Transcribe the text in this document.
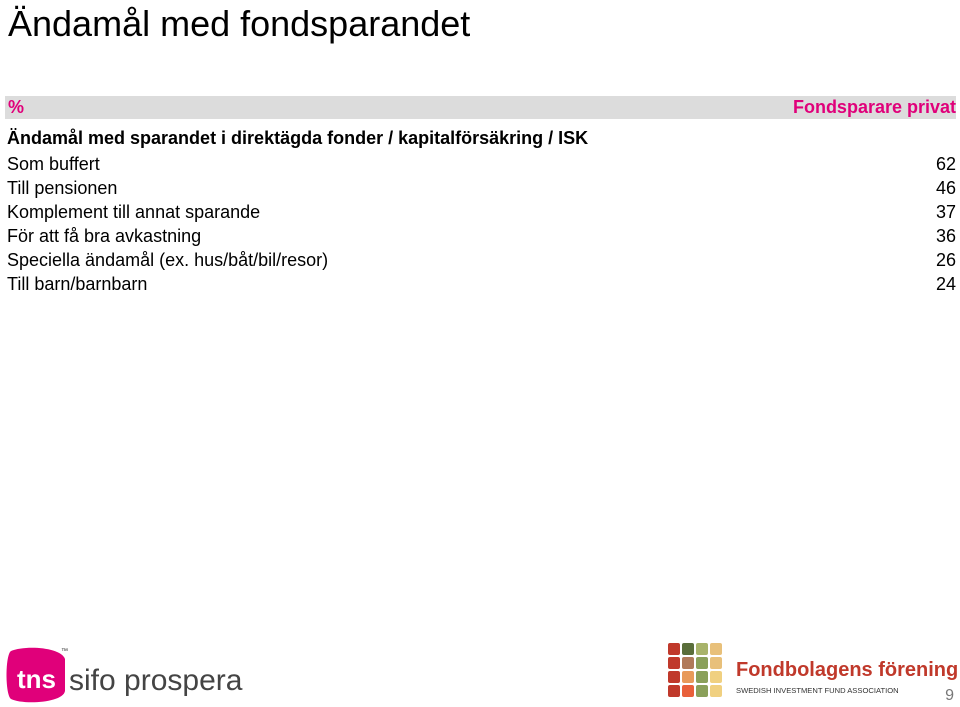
Ändamål med fondsparandet
%	Fondsparare privat
Ändamål med sparandet i direktägda fonder / kapitalförsäkring / ISK
Som buffert	62
Till pensionen	46
Komplement till annat sparande	37
För att få bra avkastning	36
Speciella ändamål (ex. hus/båt/bil/resor)	26
Till barn/barnbarn	24
tns
™
sifo prospera	Fondbolagens förening
SWEDISH INVESTMENT FUND ASSOCIATION	9
